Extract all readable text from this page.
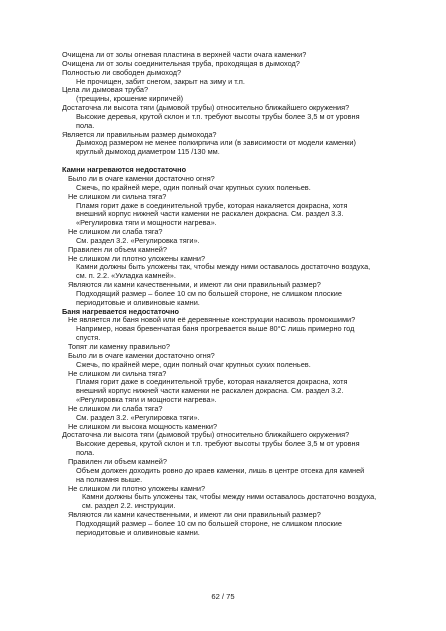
Очищена ли от золы огневая пластина в верхней части очага каменки?
Очищена ли от золы соединительная труба, проходящая в дымоход?
Полностью ли свободен дымоход?
Не прочищен, забит снегом, закрыт на зиму и т.п.
Цела ли дымовая труба?
(трещины, крошение кирпичей)
Достаточна ли высота тяги (дымовой трубы) относительно ближайшего окружения?
Высокие деревья, крутой склон и т.п. требуют высоты трубы более 3,5 м от уровня
пола.
Является ли правильным размер дымохода?
Дымоход размером не менее полкирпича или (в зависимости от модели каменки)
круглый дымоход диаметром 115 /130 мм.
Камни нагреваются недостаточно
Было ли в очаге каменки достаточно огня?
Сжечь, по крайней мере, один полный очаг крупных сухих поленьев.
Не слишком ли сильна тяга?
Пламя горит даже в соединительной трубе, которая накаляется докрасна, хотя
внешний корпус нижней части каменки не раскален докрасна. См. раздел 3.3.
«Регулировка тяги и мощности нагрева».
Не слишком ли слаба тяга?
См. раздел 3.2. «Регулировка тяги».
Правилен ли объем камней?
Не слишком ли плотно уложены камни?
Камни должны быть уложены так, чтобы между ними оставалось достаточно воздуха,
см. п. 2.2. «Укладка камней».
Являются ли камни качественными, и имеют ли они правильный размер?
Подходящий размер – более 10 см по большей стороне, не слишком плоские
периодитовые и оливиновые камни.
Баня нагревается недостаточно
Не является ли баня новой или её деревянные конструкции насквозь промокшими?
Например, новая бревенчатая баня прогревается выше 80°С лишь примерно год
спустя.
Топят ли каменку правильно?
Было ли в очаге каменки достаточно огня?
Сжечь, по крайней мере, один полный очаг крупных сухих поленьев.
Не слишком ли сильна тяга?
Пламя горит даже в соединительной трубе, которая накаляется докрасна, хотя
внешний корпус нижней части каменки не раскален докрасна. См. раздел 3.2.
«Регулировка тяги и мощности нагрева».
Не слишком ли слаба тяга?
См. раздел 3.2. «Регулировка тяги».
Не слишком ли высока мощность каменки?
Достаточна ли высота тяги (дымовой трубы) относительно ближайшего окружения?
Высокие деревья, крутой склон и т.п. требуют высоты трубы более 3,5 м от уровня
пола.
Правилен ли объем камней?
Объем должен доходить ровно до краев каменки, лишь в центре отсека для камней
на полкамня выше.
Не слишком ли плотно уложены камни?
Камни должны быть уложены так, чтобы между ними оставалось достаточно воздуха,
см. раздел 2.2. инструкции.
Являются ли камни качественными, и имеют ли они правильный размер?
Подходящий размер – более 10 см по большей стороне, не слишком плоские
периодитовые и оливиновые камни.
62 / 75
